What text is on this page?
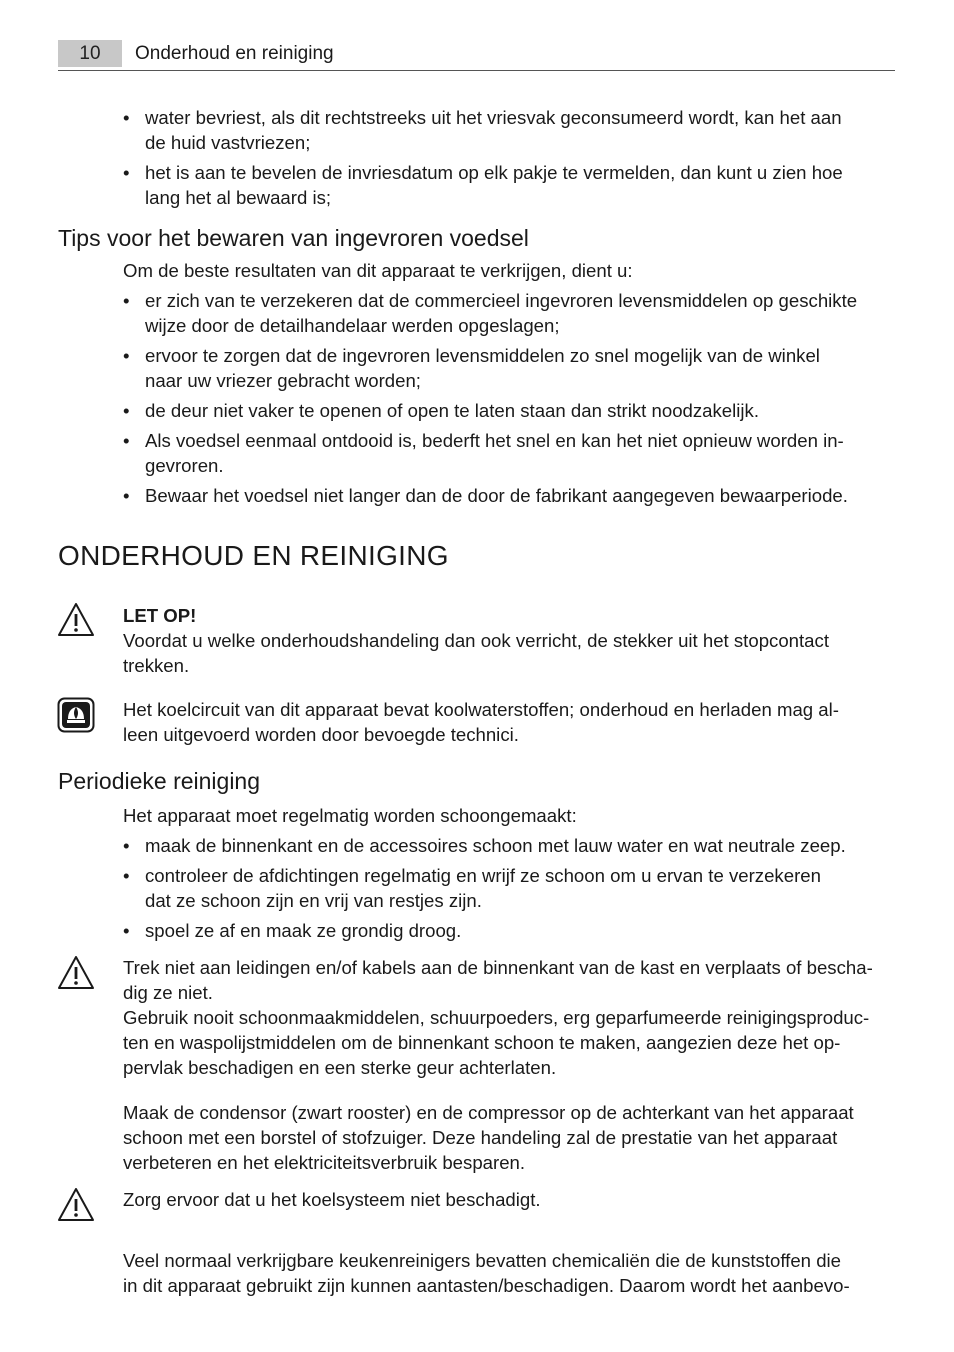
10	Onderhoud en reiniging
• water bevriest, als dit rechtstreeks uit het vriesvak geconsumeerd wordt, kan het aan
de huid vastvriezen;
• het is aan te bevelen de invriesdatum op elk pakje te vermelden, dan kunt u zien hoe
lang het al bewaard is;
Tips voor het bewaren van ingevroren voedsel
Om de beste resultaten van dit apparaat te verkrijgen, dient u:
• er zich van te verzekeren dat de commercieel ingevroren levensmiddelen op geschikte
wijze door de detailhandelaar werden opgeslagen;
• ervoor te zorgen dat de ingevroren levensmiddelen zo snel mogelijk van de winkel
naar uw vriezer gebracht worden;
• de deur niet vaker te openen of open te laten staan dan strikt noodzakelijk.
• Als voedsel eenmaal ontdooid is, bederft het snel en kan het niet opnieuw worden in-
gevroren.
• Bewaar het voedsel niet langer dan de door de fabrikant aangegeven bewaarperiode.
ONDERHOUD EN REINIGING

LET OP!

Voordat u welke onderhoudshandeling dan ook verricht, de stekker uit het stopcontact

trekken.

Het koelcircuit van dit apparaat bevat koolwaterstoffen; onderhoud en herladen mag al-

leen uitgevoerd worden door bevoegde technici.

Periodieke reiniging
Het apparaat moet regelmatig worden schoongemaakt:
• maak de binnenkant en de accessoires schoon met lauw water en wat neutrale zeep.
• controleer de afdichtingen regelmatig en wrijf ze schoon om u ervan te verzekeren
dat ze schoon zijn en vrij van restjes zijn.
• spoel ze af en maak ze grondig droog.

Trek niet aan leidingen en/of kabels aan de binnenkant van de kast en verplaats of bescha-

dig ze niet.

Gebruik nooit schoonmaakmiddelen, schuurpoeders, erg geparfumeerde reinigingsproduc-

ten en waspolijstmiddelen om de binnenkant schoon te maken, aangezien deze het op-

pervlak beschadigen en een sterke geur achterlaten.

Maak de condensor (zwart rooster) en de compressor op de achterkant van het apparaat

schoon met een borstel of stofzuiger. Deze handeling zal de prestatie van het apparaat

verbeteren en het elektriciteitsverbruik besparen.

Zorg ervoor dat u het koelsysteem niet beschadigt.

Veel normaal verkrijgbare keukenreinigers bevatten chemicaliën die de kunststoffen die

in dit apparaat gebruikt zijn kunnen aantasten/beschadigen. Daarom wordt het aanbevo-
